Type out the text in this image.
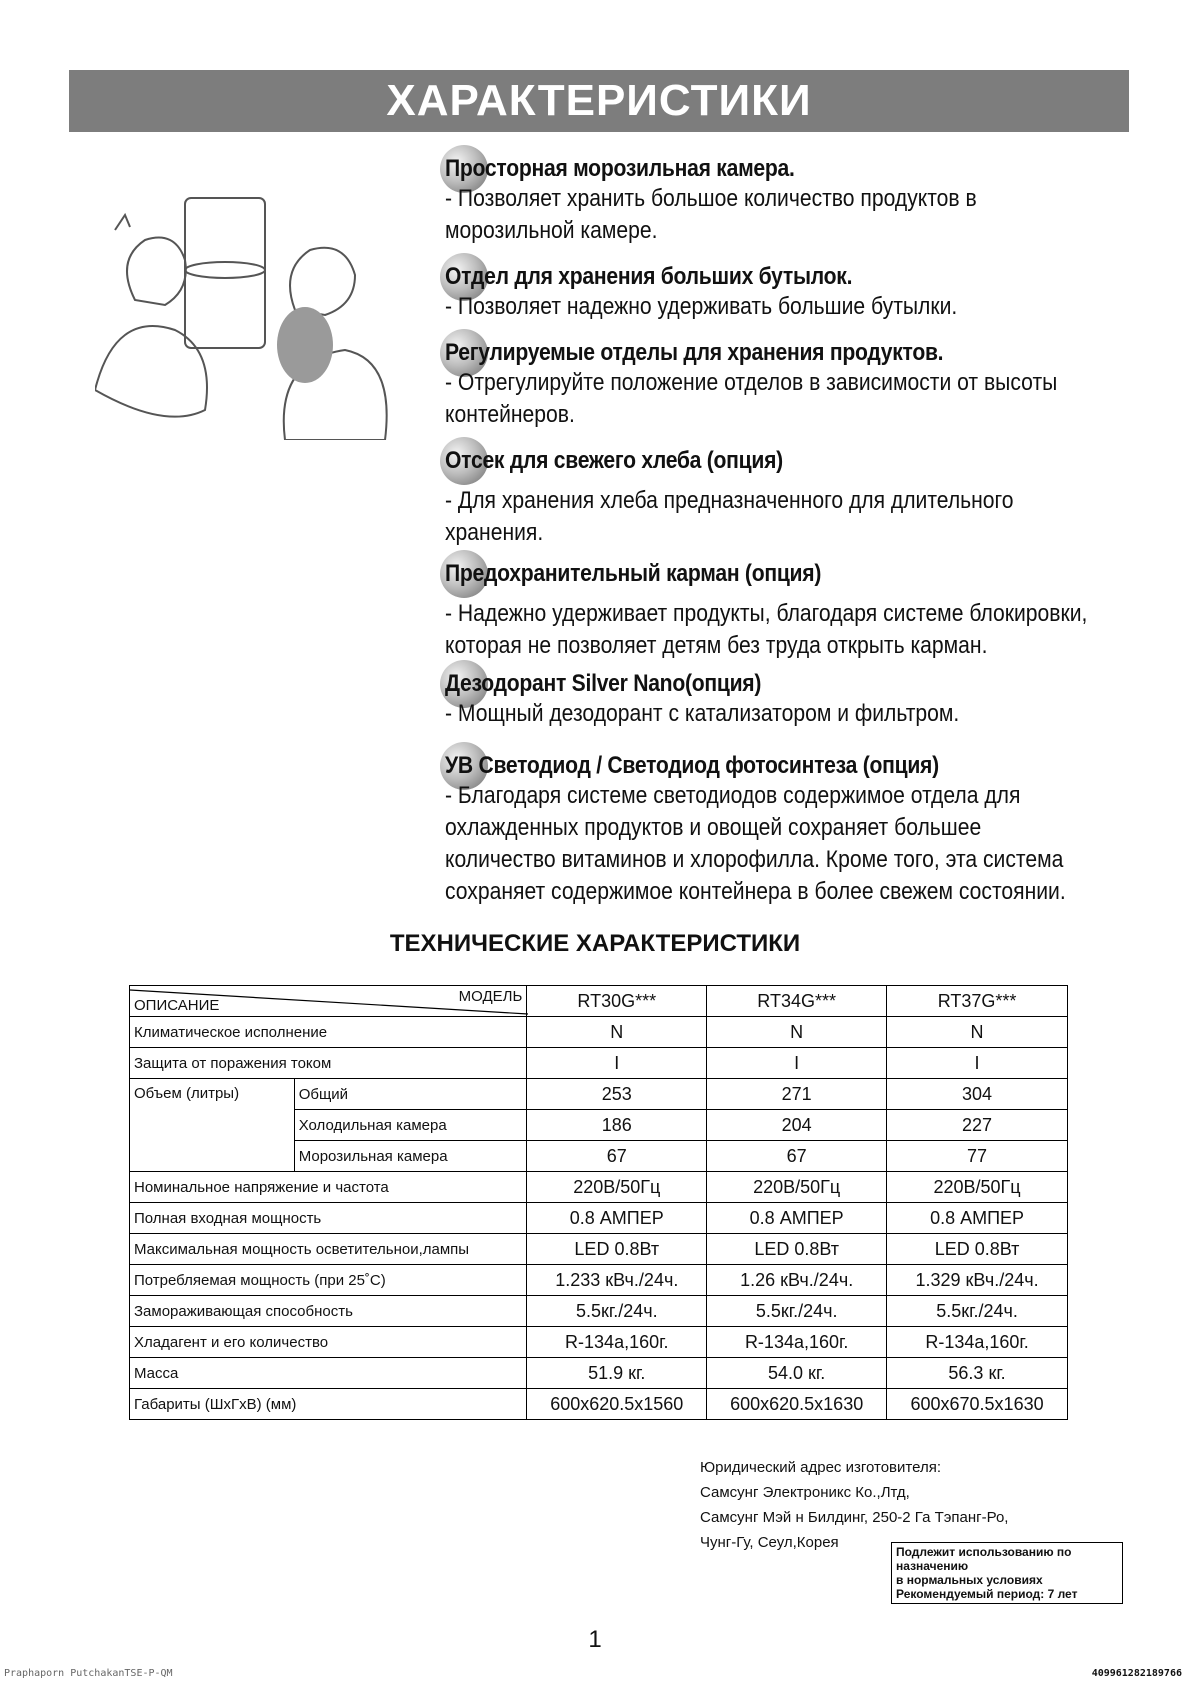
ХАРАКТЕРИСТИКИ
Просторная морозильная камера.
- Позволяет хранить большое количество продуктов в
морозильной камере.
Отдел для хранения больших бутылок.
- Позволяет надежно удерживать большие бутылки.
Регулируемые отделы для хранения продуктов.
- Отрегулируйте положение отделов в зависимости от высоты
контейнеров.
Отсек для свежего хлеба (опция)
- Для хранения хлеба предназначенного для длительного
хранения.
Предохранительный карман (опция)
- Надежно удерживает продукты, благодаря системе блокировки,
которая не позволяет детям без труда открыть карман.
Дезодорант Silver Nano(опция)
- Мощный дезодорант с катализатором и фильтром.
УВ Светодиод / Светодиод фотосинтеза (опция)
- Благодаря системе светодиодов содержимое отдела для
охлажденных продуктов и овощей сохраняет большее
количество витаминов и хлорофилла. Кроме того, эта система
сохраняет содержимое контейнера в более свежем состоянии.
ТЕХНИЧЕСКИЕ ХАРАКТЕРИСТИКИ
ОПИСАНИЕ
МОДЕЛЬ		RT30G***	RT34G***	RT37G***
Климатическое исполнение		N	N	N
Защита от поражения током		I	I	I
Объем (литры)	Общий	253	271	304
	Холодильная камера	186	204	227
	Морозильная камера	67	67	77
Номинальное напряжение и частота		220В/50Гц	220В/50Гц	220В/50Гц
Полная входная мощность		0.8 АМПЕР	0.8 АМПЕР	0.8 АМПЕР
Максимальная мощность осветительнои,лампы		LED 0.8Вт	LED 0.8Вт	LED 0.8Вт
Потребляемая мощность (при 25˚C)		1.233 кВч./24ч.	1.26 кВч./24ч.	1.329 кВч./24ч.
Замораживающая способность		5.5кг./24ч.	5.5кг./24ч.	5.5кг./24ч.
Хладагент и его количество		R-134a,160г.	R-134a,160г.	R-134a,160г.
Масса		51.9 кг.	54.0 кг.	56.3 кг.
Габариты (ШxГxВ) (мм)		600x620.5x1560	600x620.5x1630	600x670.5x1630
Юридический адрес изготовителя:
Самсунг Электроникс Ко.,Лтд,
Самсунг Мэй н Билдинг, 250-2 Га Тэпанг-Ро,
Чунг-Гу, Сеул,Корея
Подлежит использованию по
назначению
в нормальных условиях
Рекомендуемый период: 7 лет
1
Praphaporn PutchakanTSE-P-QM	409961282189766
